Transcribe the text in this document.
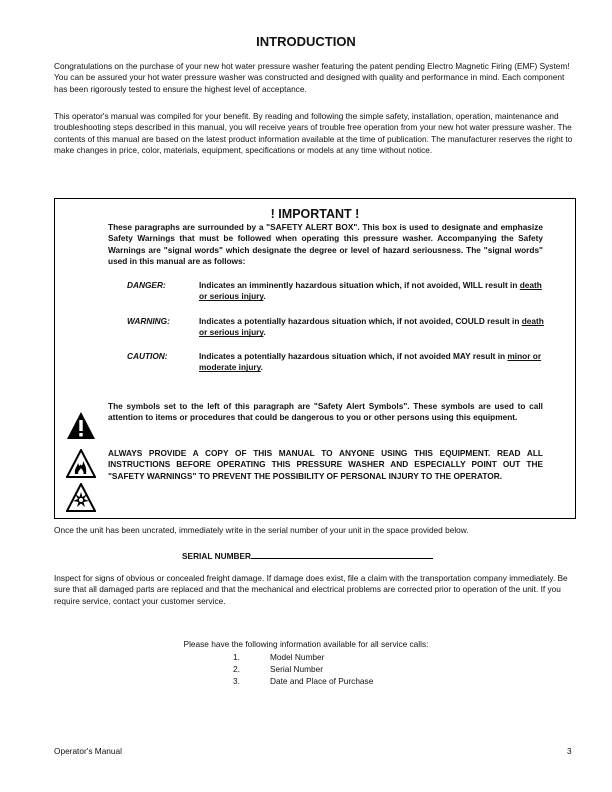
INTRODUCTION

Congratulations on the purchase of your new hot water pressure washer featuring the patent pending Electro Magnetic Firing (EMF) System! You can be assured your hot water pressure washer was constructed and designed with quality and performance in mind. Each component has been rigorously tested to ensure the highest level of acceptance.

This operator's manual was compiled for your benefit. By reading and following the simple safety, installation, operation, maintenance and troubleshooting steps described in this manual, you will receive years of trouble free operation from your new hot water pressure washer. The contents of this manual are based on the latest product information available at the time of publication. The manufacturer reserves the right to make changes in price, color, materials, equipment, specifications or models at any time without notice.

! IMPORTANT !

These paragraphs are surrounded by a "SAFETY ALERT BOX". This box is used to designate and emphasize Safety Warnings that must be followed when operating this pressure washer. Accompanying the Safety Warnings are "signal words" which designate the degree or level of hazard seriousness. The "signal words" used in this manual are as follows:

DANGER:	Indicates an imminently hazardous situation which, if not avoided, WILL result in death or serious injury.
WARNING:	Indicates a potentially hazardous situation which, if not avoided, COULD result in death or serious injury.
CAUTION:	Indicates a potentially hazardous situation which, if not avoided MAY result in minor or moderate injury.

The symbols set to the left of this paragraph are "Safety Alert Symbols". These symbols are used to call attention to items or procedures that could be dangerous to you or other persons using this equipment.

ALWAYS PROVIDE A COPY OF THIS MANUAL TO ANYONE USING THIS EQUIPMENT. READ ALL INSTRUCTIONS BEFORE OPERATING THIS PRESSURE WASHER AND ESPECIALLY POINT OUT THE "SAFETY WARNINGS" TO PREVENT THE POSSIBILITY OF PERSONAL INJURY TO THE OPERATOR.

Once the unit has been uncrated, immediately write in the serial number of your unit in the space provided below.

SERIAL NUMBER

Inspect for signs of obvious or concealed freight damage. If damage does exist, file a claim with the transportation company immediately. Be sure that all damaged parts are replaced and that the mechanical and electrical problems are corrected prior to operation of the unit. If you require service, contact your customer service.

Please have the following information available for all service calls:
1.	Model Number
2.	Serial Number
3.	Date and Place of Purchase
Operator's Manual	3
